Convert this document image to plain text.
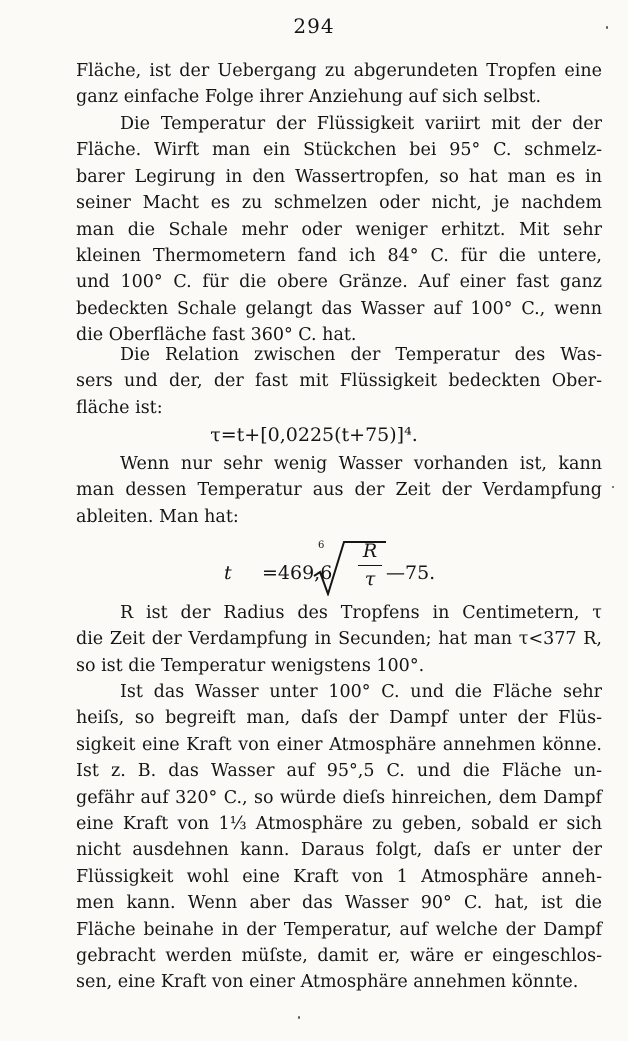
294
Fläche, ist der Uebergang zu abgerundeten Tropfen eine
ganz einfache Folge ihrer Anziehung auf sich selbst.
Die Temperatur der Flüssigkeit variirt mit der der
Fläche. Wirft man ein Stückchen bei 95° C. schmelz-
barer Legirung in den Wassertropfen, so hat man es in
seiner Macht es zu schmelzen oder nicht, je nachdem
man die Schale mehr oder weniger erhitzt. Mit sehr
kleinen Thermometern fand ich 84° C. für die untere,
und 100° C. für die obere Gränze. Auf einer fast ganz
bedeckten Schale gelangt das Wasser auf 100° C., wenn
die Oberfläche fast 360° C. hat.
Die Relation zwischen der Temperatur des Was-
sers und der, der fast mit Flüssigkeit bedeckten Ober-
fläche ist:
τ=t+[0,0225(t+75)]⁴.
Wenn nur sehr wenig Wasser vorhanden ist, kann
man dessen Temperatur aus der Zeit der Verdampfung
ableiten. Man hat:
t =469,6
6 R
τ —75.
R ist der Radius des Tropfens in Centimetern, τ
die Zeit der Verdampfung in Secunden; hat man τ<377 R,
so ist die Temperatur wenigstens 100°.
Ist das Wasser unter 100° C. und die Fläche sehr
heiſs, so begreift man, daſs der Dampf unter der Flüs-
sigkeit eine Kraft von einer Atmosphäre annehmen könne.
Ist z. B. das Wasser auf 95°,5 C. und die Fläche un-
gefähr auf 320° C., so würde dieſs hinreichen, dem Dampf
eine Kraft von 1⅓ Atmosphäre zu geben, sobald er sich
nicht ausdehnen kann. Daraus folgt, daſs er unter der
Flüssigkeit wohl eine Kraft von 1 Atmosphäre anneh-
men kann. Wenn aber das Wasser 90° C. hat, ist die
Fläche beinahe in der Temperatur, auf welche der Dampf
gebracht werden müſste, damit er, wäre er eingeschlos-
sen, eine Kraft von einer Atmosphäre annehmen könnte.
